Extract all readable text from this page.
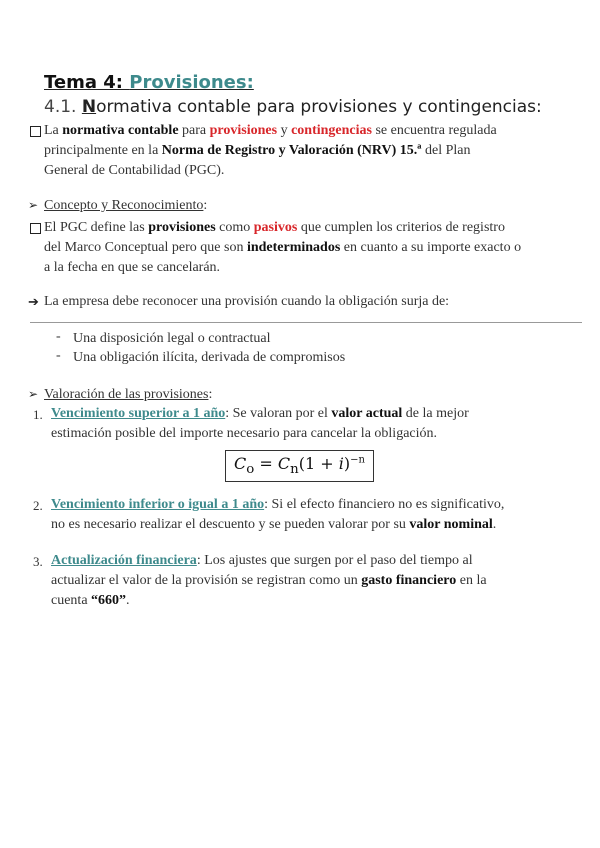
Tema 4: Provisiones:
4.1. Normativa contable para provisiones y contingencias:
La normativa contable para provisiones y contingencias se encuentra regulada
principalmente en la Norma de Registro y Valoración (NRV) 15.ª del Plan
General de Contabilidad (PGC).
➢ Concepto y Reconocimiento:
El PGC define las provisiones como pasivos que cumplen los criterios de registro
del Marco Conceptual pero que son indeterminados en cuanto a su importe exacto o
a la fecha en que se cancelarán.
➔ La empresa debe reconocer una provisión cuando la obligación surja de:
- Una disposición legal o contractual
- Una obligación ilícita, derivada de compromisos
➢ Valoración de las provisiones:
1. Vencimiento superior a 1 año: Se valoran por el valor actual de la mejor
estimación posible del importe necesario para cancelar la obligación.
$C_o = C_n(1 + i)^{-n}$
2. Vencimiento inferior o igual a 1 año: Si el efecto financiero no es significativo,
no es necesario realizar el descuento y se pueden valorar por su valor nominal.
3. Actualización financiera: Los ajustes que surgen por el paso del tiempo al
actualizar el valor de la provisión se registran como un gasto financiero en la
cuenta “660”.
